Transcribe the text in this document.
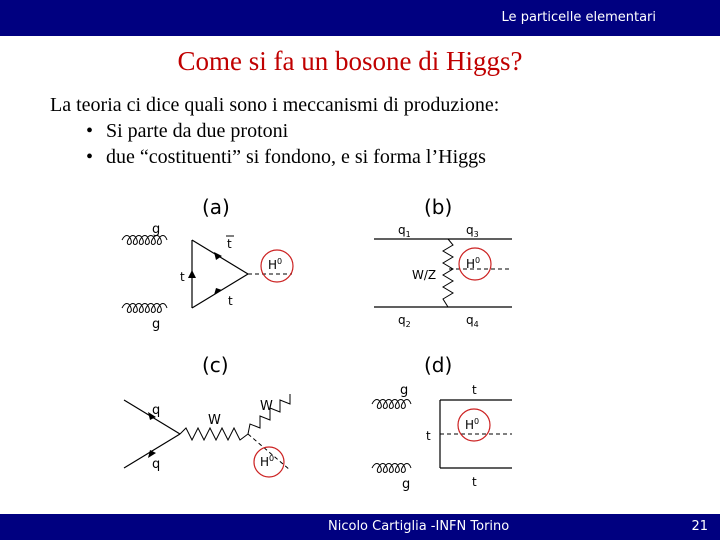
Le particelle elementari
Come si fa un bosone di Higgs?
La teoria ci dice quali sono i meccanismi di produzione:
• Si parte da due protoni
• due “costituenti” si fondono, e si forma l’Higgs
(a)
g
g
t
t
t
$H^0$
(b)
$q_1$	$q_3$
$q_2$	$q_4$
W/Z
$H^0$
(c)
q
q
W
W
$H^0$
(d)
g
g
t
t
t
$H^0$
Nicolo Cartiglia -INFN Torino	21
